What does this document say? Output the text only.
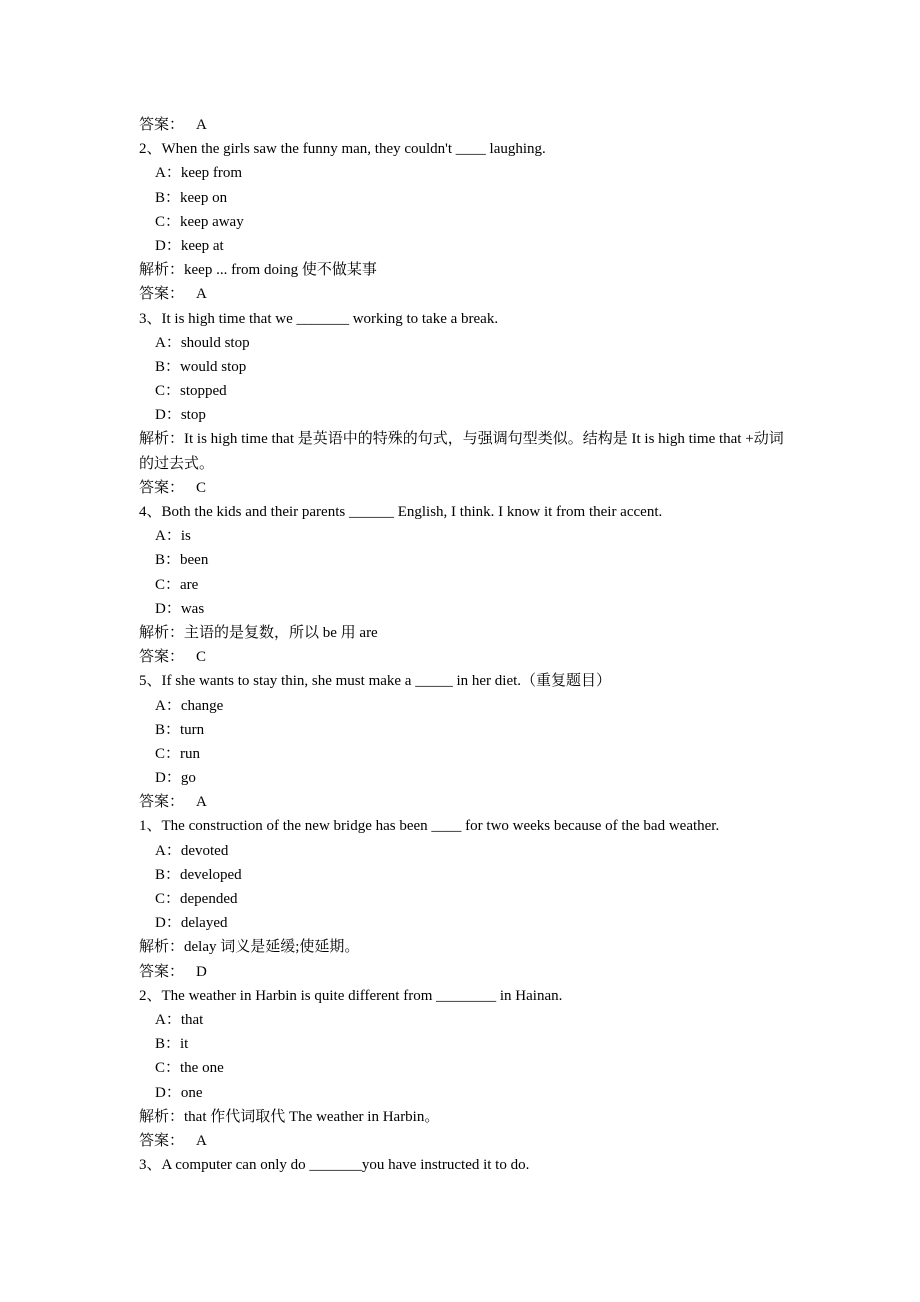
答案： A
2、When the girls saw the funny man, they couldn't ____ laughing.
A：keep from
B：keep on
C：keep away
D：keep at
解析：keep ... from doing 使不做某事
答案： A
3、It is high time that we _______ working to take a break.
A：should stop
B：would stop
C：stopped
D：stop
解析：It is high time that 是英语中的特殊的句式，与强调句型类似。结构是 It is high time that +动词的过去式。
答案： C
4、Both the kids and their parents ______ English, I think. I know it from their accent.
A：is
B：been
C：are
D：was
解析：主语的是复数，所以 be 用 are
答案： C
5、If she wants to stay thin, she must make a _____ in her diet.（重复题目）
A：change
B：turn
C：run
D：go
答案： A
1、The construction of the new bridge has been ____ for two weeks because of the bad weather.
A：devoted
B：developed
C：depended
D：delayed
解析：delay 词义是延缓;使延期。
答案： D
2、The weather in Harbin is quite different from ________ in Hainan.
A：that
B：it
C：the one
D：one
解析：that 作代词取代 The weather in Harbin。
答案： A
3、A computer can only do _______you have instructed it to do.
